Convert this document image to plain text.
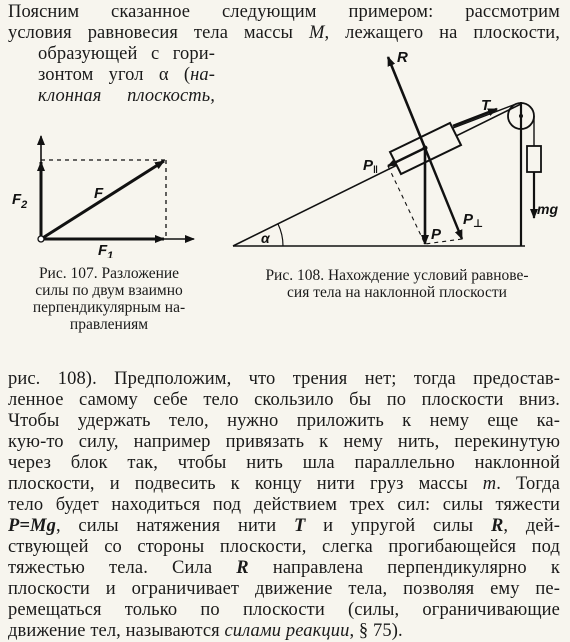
Поясним сказанное следующим примером: рассмотрим
условия равновесия тела массы M, лежащего на плоскости,
образующей с гори-
зонтом угол α (на-
клонная плоскость,
$F_2$
F
$F_1$
Рис. 107. Разложение
силы по двум взаимно
перпендикулярным на-
правлениям
α
mg
T
R
P
$P_\perp$
$P_‖$
Рис. 108. Нахождение условий равнове-
сия тела на наклонной плоскости
рис. 108). Предположим, что трения нет; тогда предостав-
ленное самому себе тело скользило бы по плоскости вниз.
Чтобы удержать тело, нужно приложить к нему еще ка-
кую-то силу, например привязать к нему нить, перекинутую
через блок так, чтобы нить шла параллельно наклонной
плоскости, и подвесить к концу нити груз массы m. Тогда
тело будет находиться под действием трех сил: силы тяжести
P=Mg, силы натяжения нити T и упругой силы R, дей-
ствующей со стороны плоскости, слегка прогибающейся под
тяжестью тела. Сила R направлена перпендикулярно к
плоскости и ограничивает движение тела, позволяя ему пе-
ремещаться только по плоскости (силы, ограничивающие
движение тел, называются силами реакции, § 75).
